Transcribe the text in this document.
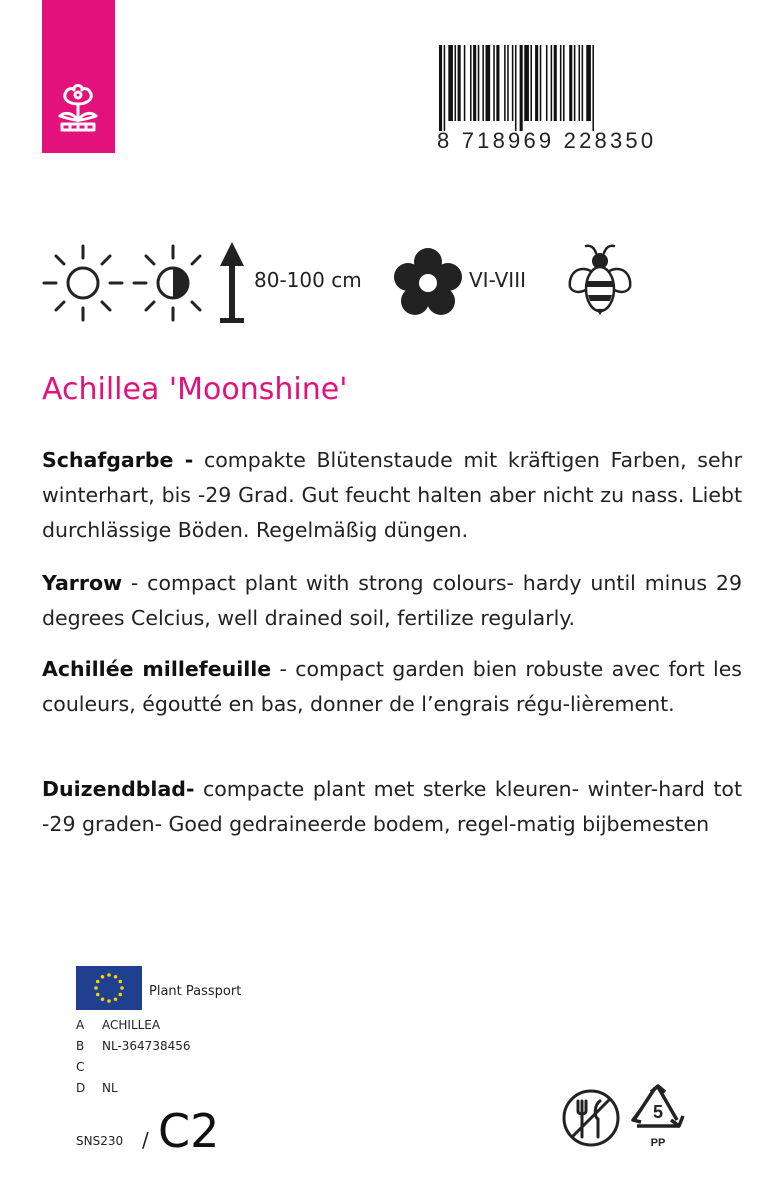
8 718969 228350
80-100 cm	VI-VIII
Achillea 'Moonshine'

Schafgarbe - compakte Blütenstaude mit kräftigen Farben, sehr winterhart, bis -29 Grad. Gut feucht halten aber nicht zu nass. Liebt durchlässige Böden. Regelmäßig düngen.

Yarrow - compact plant with strong colours- hardy until minus 29 degrees Celcius, well drained soil, fertilize regularly.

Achillée millefeuille - compact garden bien robuste avec fort les couleurs, égoutté en bas, donner de l’engrais régu-lièrement.

Duizendblad- compacte plant met sterke kleuren- winter-hard tot -29 graden- Goed gedraineerde bodem, regel-matig bijbemesten

Plant Passport
A ACHILLEA
B NL-364738456
C
D NL
SNS230 / C2	5
PP
